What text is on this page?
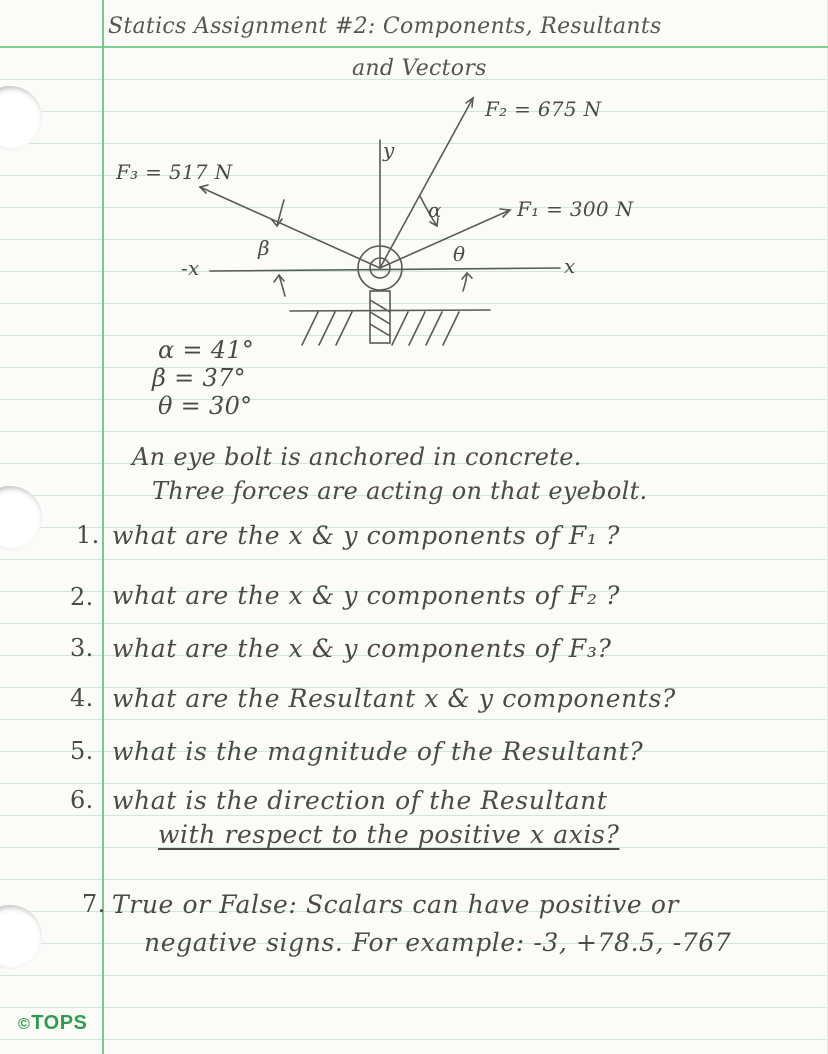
Statics Assignment #2: Components, Resultants
and Vectors
F₂ = 675 N
F₁ = 300 N
F₃ = 517 N
y
-x	x
α
β	θ
α = 41°
β = 37°
θ = 30°
An eye bolt is anchored in concrete.
Three forces are acting on that eyebolt.
1. what are the x & y components of F₁ ?
2. what are the x & y components of F₂ ?
3. what are the x & y components of F₃?
4. what are the Resultant x & y components?
5. what is the magnitude of the Resultant?
6. what is the direction of the Resultant
with respect to the positive x axis?
7. True or False: Scalars can have positive or
negative signs. For example: -3, +78.5, -767
©TOPS
